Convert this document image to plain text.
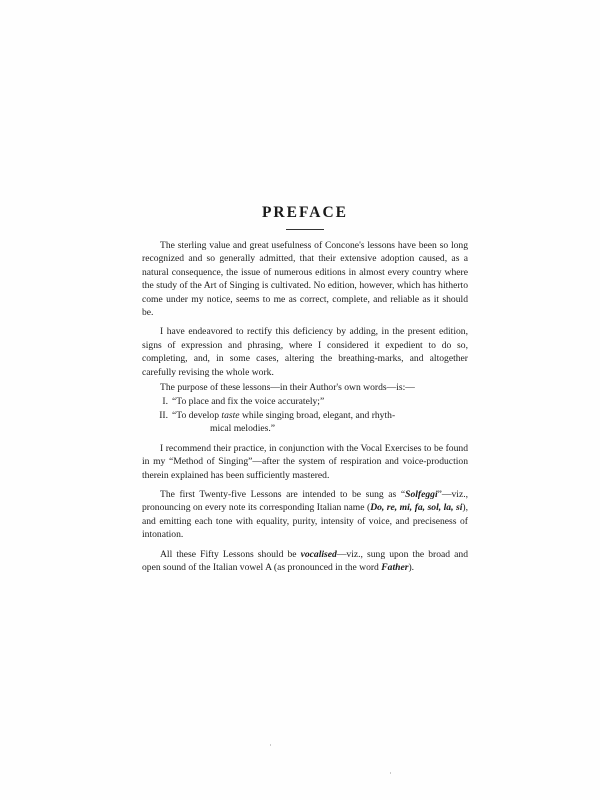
PREFACE

The sterling value and great usefulness of Concone's lessons have been so long recognized and so generally admitted, that their extensive adoption caused, as a natural consequence, the issue of numerous editions in almost every country where the study of the Art of Singing is cultivated. No edition, however, which has hitherto come under my notice, seems to me as correct, complete, and reliable as it should be.

I have endeavored to rectify this deficiency by adding, in the present edition, signs of expression and phrasing, where I considered it expedient to do so, completing, and, in some cases, altering the breathing-marks, and altogether carefully revising the whole work.

The purpose of these lessons—in their Author's own words—is:—

I. “To place and fix the voice accurately;”
II. “To develop taste while singing broad, elegant, and rhyth-
mical melodies.”

I recommend their practice, in conjunction with the Vocal Exercises to be found in my “Method of Singing”—after the system of respiration and voice-production therein explained has been sufficiently mastered.

The first Twenty-five Lessons are intended to be sung as “Solfeggi”—viz., pronouncing on every note its corresponding Italian name (Do, re, mi, fa, sol, la, si), and emitting each tone with equality, purity, intensity of voice, and preciseness of intonation.

All these Fifty Lessons should be vocalised—viz., sung upon the broad and open sound of the Italian vowel A (as pronounced in the word Father).
